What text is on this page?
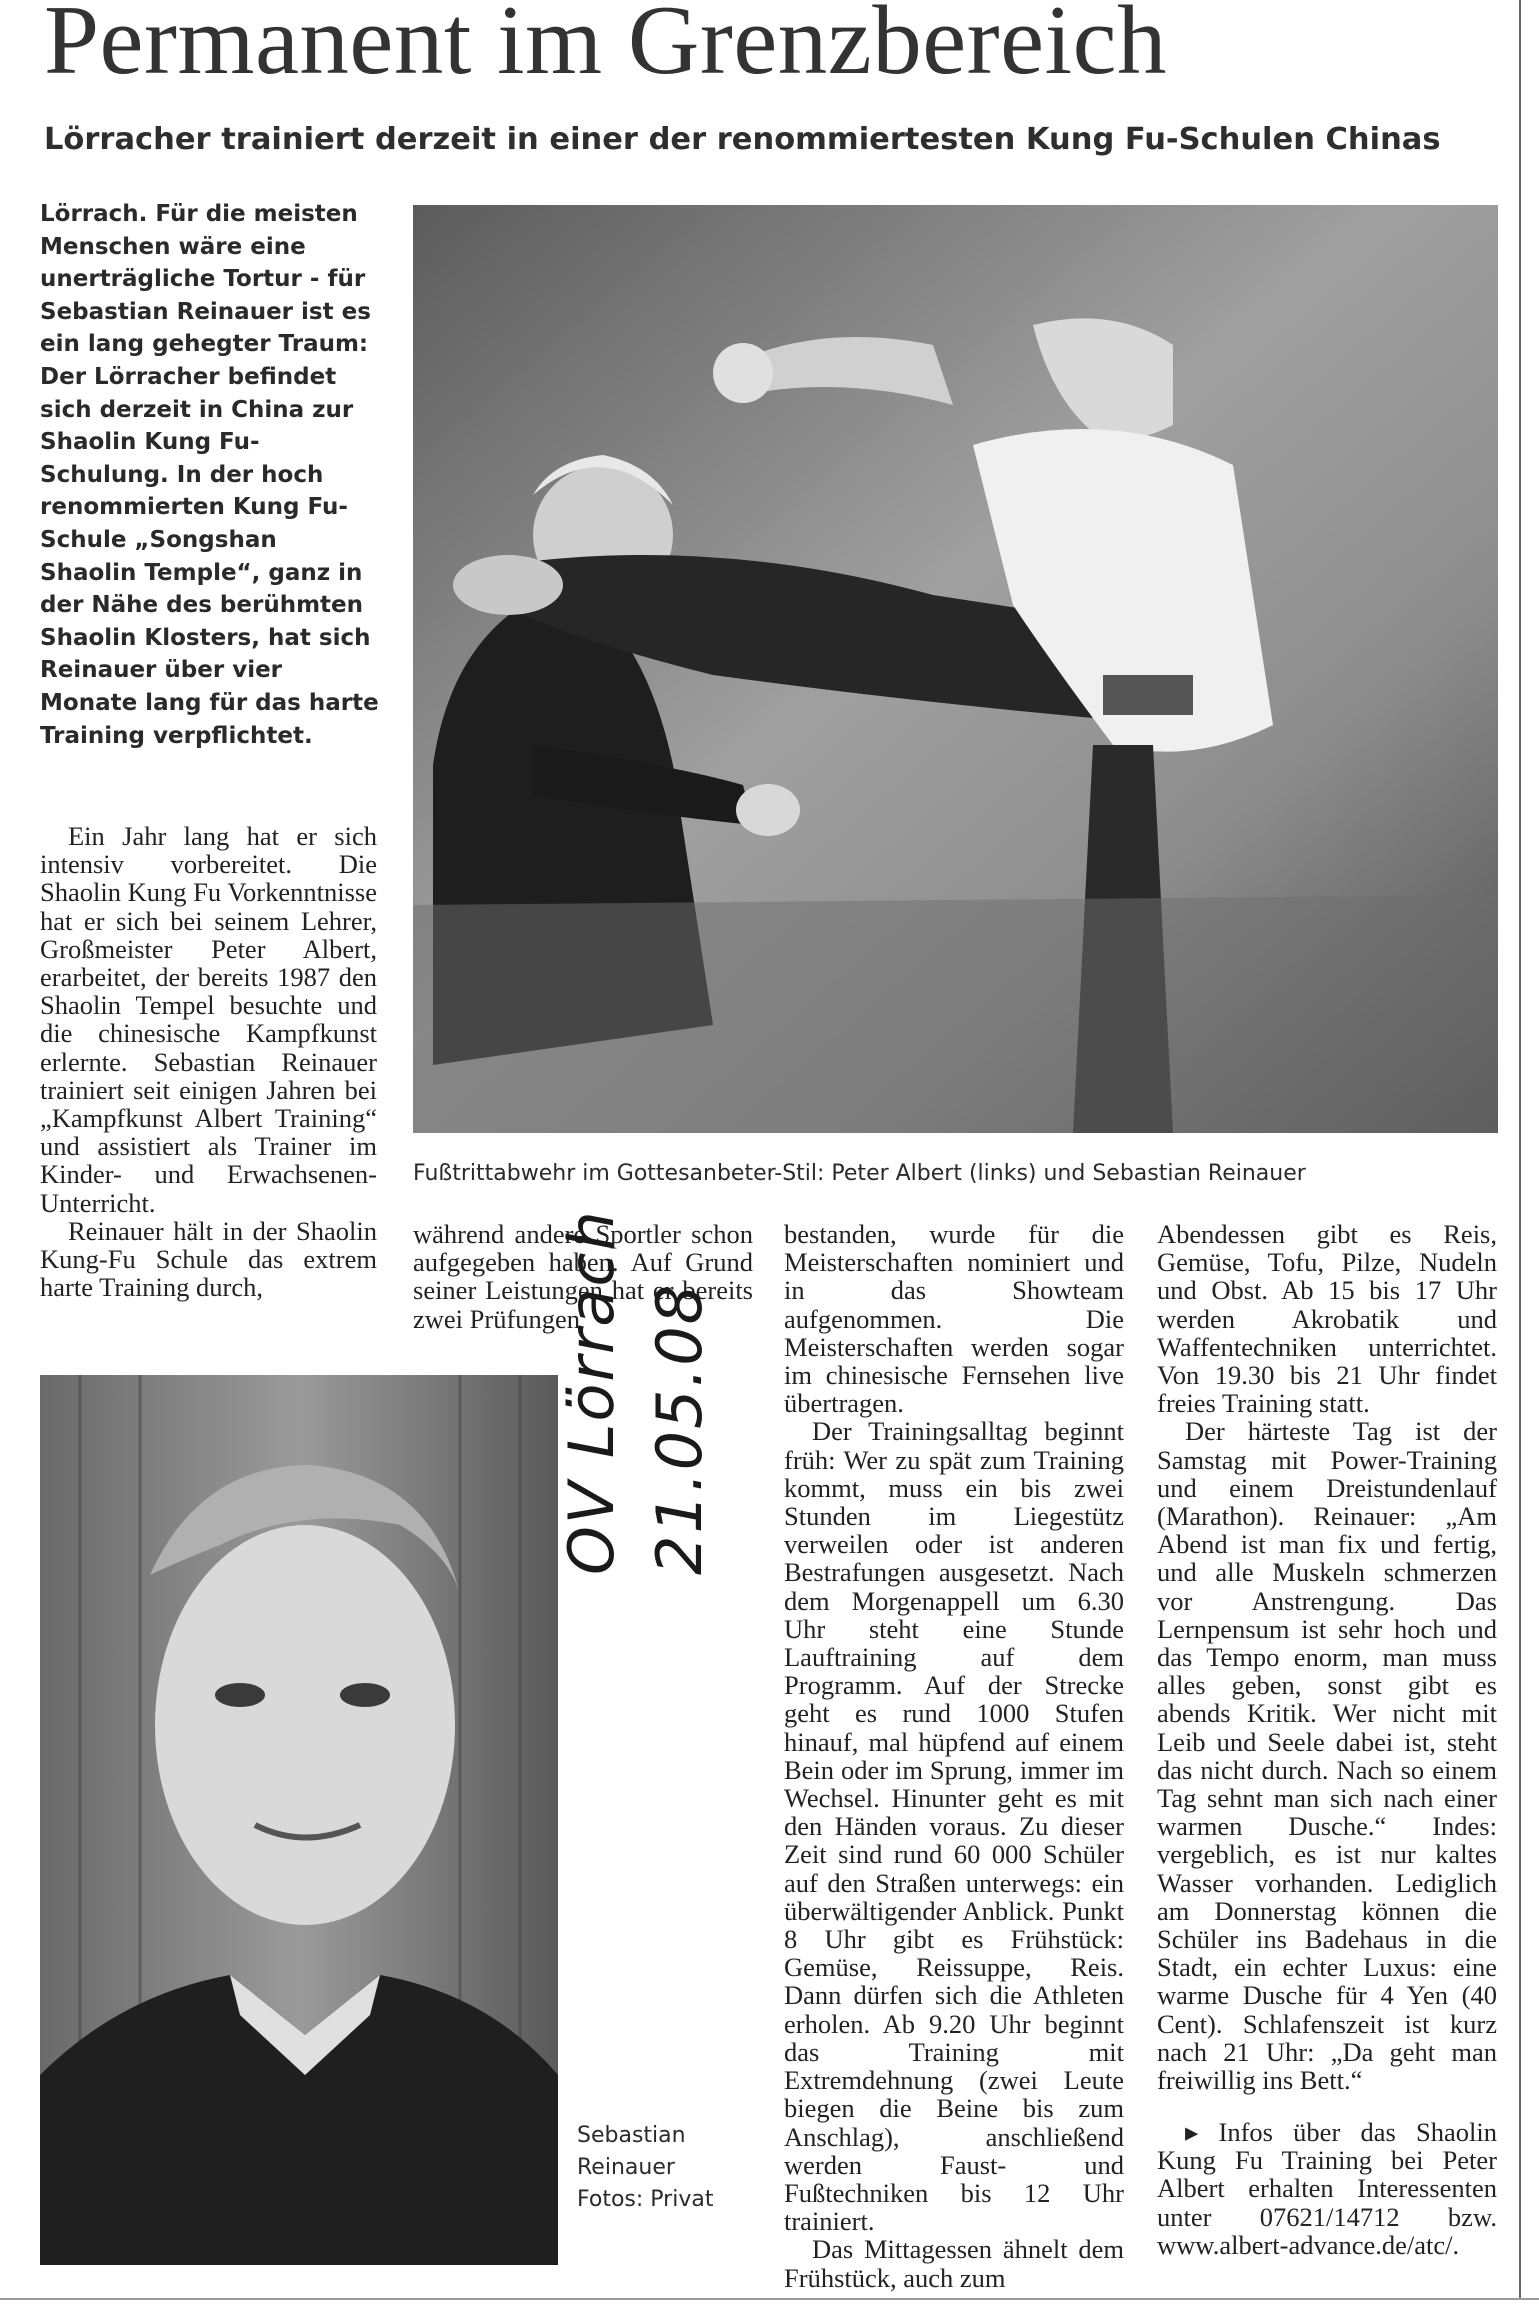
Permanent im Grenzbereich
Lörracher trainiert derzeit in einer der renommiertesten Kung Fu-Schulen Chinas

Lörrach. Für die meisten Menschen wäre eine unerträgliche Tortur - für Sebastian Reinauer ist es ein lang gehegter Traum: Der Lörracher befindet sich derzeit in China zur Shaolin Kung Fu-Schulung. In der hoch renommierten Kung Fu-Schule „Songshan Shaolin Temple“, ganz in der Nähe des berühmten Shaolin Klosters, hat sich Reinauer über vier Monate lang für das harte Training verpflichtet.

Ein Jahr lang hat er sich intensiv vorbereitet. Die Shaolin Kung Fu Vorkenntnisse hat er sich bei seinem Lehrer, Großmeister Peter Albert, erarbeitet, der bereits 1987 den Shaolin Tempel besuchte und die chinesische Kampfkunst erlernte. Sebastian Reinauer trainiert seit einigen Jahren bei „Kampfkunst Albert Training“ und assistiert als Trainer im Kinder- und Erwachsenen-Unterricht.

Reinauer hält in der Shaolin Kung-Fu Schule das extrem harte Training durch,

Fußtrittabwehr im Gottesanbeter-Stil: Peter Albert (links) und Sebastian Reinauer

während andere Sportler schon aufgegeben haben. Auf Grund seiner Leistungen hat er bereits zwei Prüfungen

Sebastian
Reinauer
Fotos: Privat
OV Lörrach 21.05.08

bestanden, wurde für die Meisterschaften nominiert und in das Showteam aufgenommen. Die Meisterschaften werden sogar im chinesische Fernsehen live übertragen.

Der Trainingsalltag beginnt früh: Wer zu spät zum Training kommt, muss ein bis zwei Stunden im Liegestütz verweilen oder ist anderen Bestrafungen ausgesetzt. Nach dem Morgenappell um 6.30 Uhr steht eine Stunde Lauftraining auf dem Programm. Auf der Strecke geht es rund 1000 Stufen hinauf, mal hüpfend auf einem Bein oder im Sprung, immer im Wechsel. Hinunter geht es mit den Händen voraus. Zu dieser Zeit sind rund 60 000 Schüler auf den Straßen unterwegs: ein überwältigender Anblick. Punkt 8 Uhr gibt es Frühstück: Gemüse, Reissuppe, Reis. Dann dürfen sich die Athleten erholen. Ab 9.20 Uhr beginnt das Training mit Extremdehnung (zwei Leute biegen die Beine bis zum Anschlag), anschließend werden Faust- und Fußtechniken bis 12 Uhr trainiert.

Das Mittagessen ähnelt dem Frühstück, auch zum

Abendessen gibt es Reis, Gemüse, Tofu, Pilze, Nudeln und Obst. Ab 15 bis 17 Uhr werden Akrobatik und Waffentechniken unterrichtet. Von 19.30 bis 21 Uhr findet freies Training statt.

Der härteste Tag ist der Samstag mit Power-Training und einem Dreistundenlauf (Marathon). Reinauer: „Am Abend ist man fix und fertig, und alle Muskeln schmerzen vor Anstrengung. Das Lernpensum ist sehr hoch und das Tempo enorm, man muss alles geben, sonst gibt es abends Kritik. Wer nicht mit Leib und Seele dabei ist, steht das nicht durch. Nach so einem Tag sehnt man sich nach einer warmen Dusche.“ Indes: vergeblich, es ist nur kaltes Wasser vorhanden. Lediglich am Donnerstag können die Schüler ins Badehaus in die Stadt, ein echter Luxus: eine warme Dusche für 4 Yen (40 Cent). Schlafenszeit ist kurz nach 21 Uhr: „Da geht man freiwillig ins Bett.“

▸ Infos über das Shaolin Kung Fu Training bei Peter Albert erhalten Interessenten unter 07621/14712 bzw. www.albert-advance.de/atc/.
